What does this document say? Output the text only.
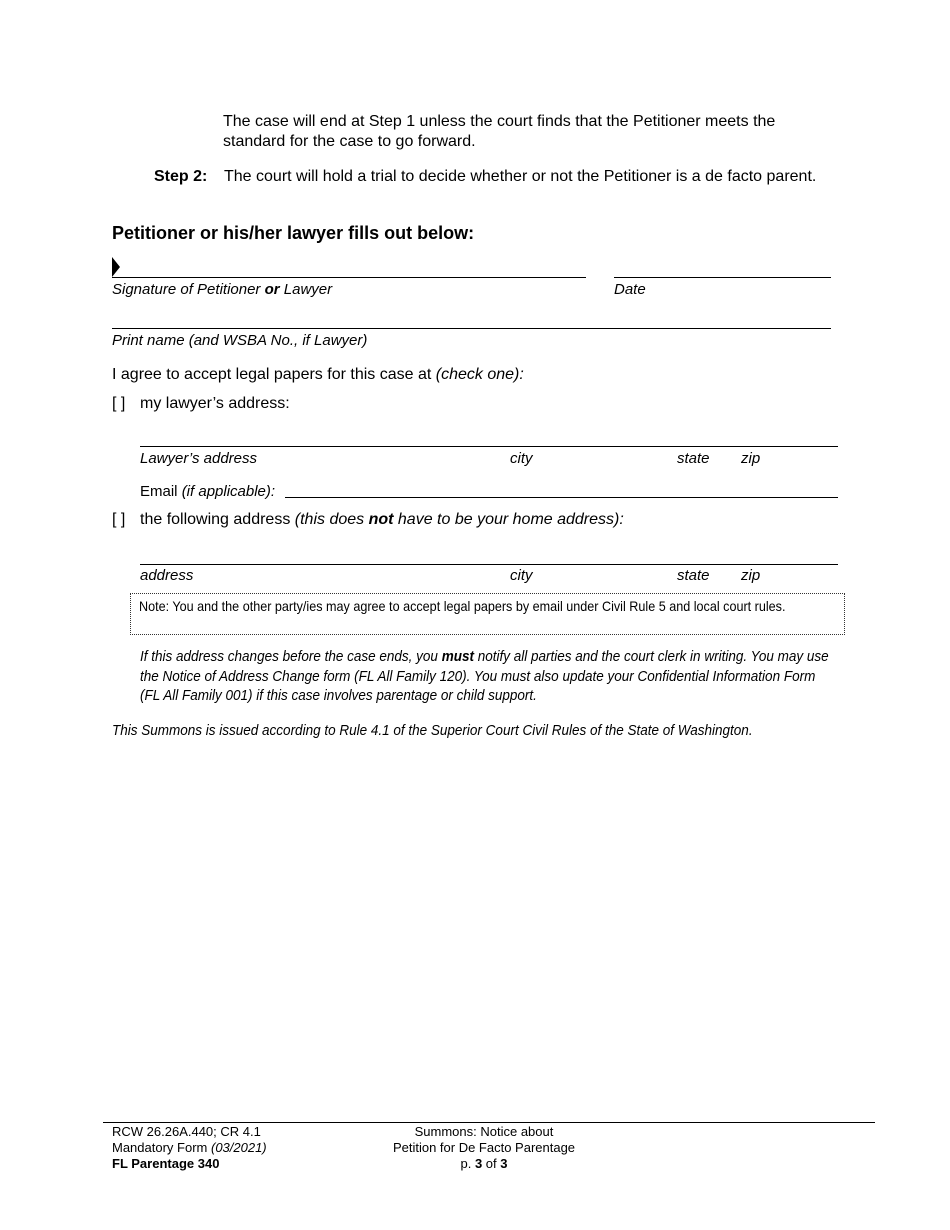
The case will end at Step 1 unless the court finds that the Petitioner meets the standard for the case to go forward.
Step 2: The court will hold a trial to decide whether or not the Petitioner is a de facto parent.
Petitioner or his/her lawyer fills out below:
Signature of Petitioner or Lawyer	Date
Print name (and WSBA No., if Lawyer)
I agree to accept legal papers for this case at (check one):
[ ] my lawyer’s address:
Lawyer’s address	city	state zip
Email (if applicable):
[ ] the following address (this does not have to be your home address):
address	city	state zip
Note: You and the other party/ies may agree to accept legal papers by email under Civil Rule 5 and local court rules.
If this address changes before the case ends, you must notify all parties and the court clerk in writing. You may use the Notice of Address Change form (FL All Family 120). You must also update your Confidential Information Form (FL All Family 001) if this case involves parentage or child support.
This Summons is issued according to Rule 4.1 of the Superior Court Civil Rules of the State of Washington.
RCW 26.26A.440; CR 4.1
Mandatory Form (03/2021)
FL Parentage 340
Summons: Notice about
Petition for De Facto Parentage
p. 3 of 3
